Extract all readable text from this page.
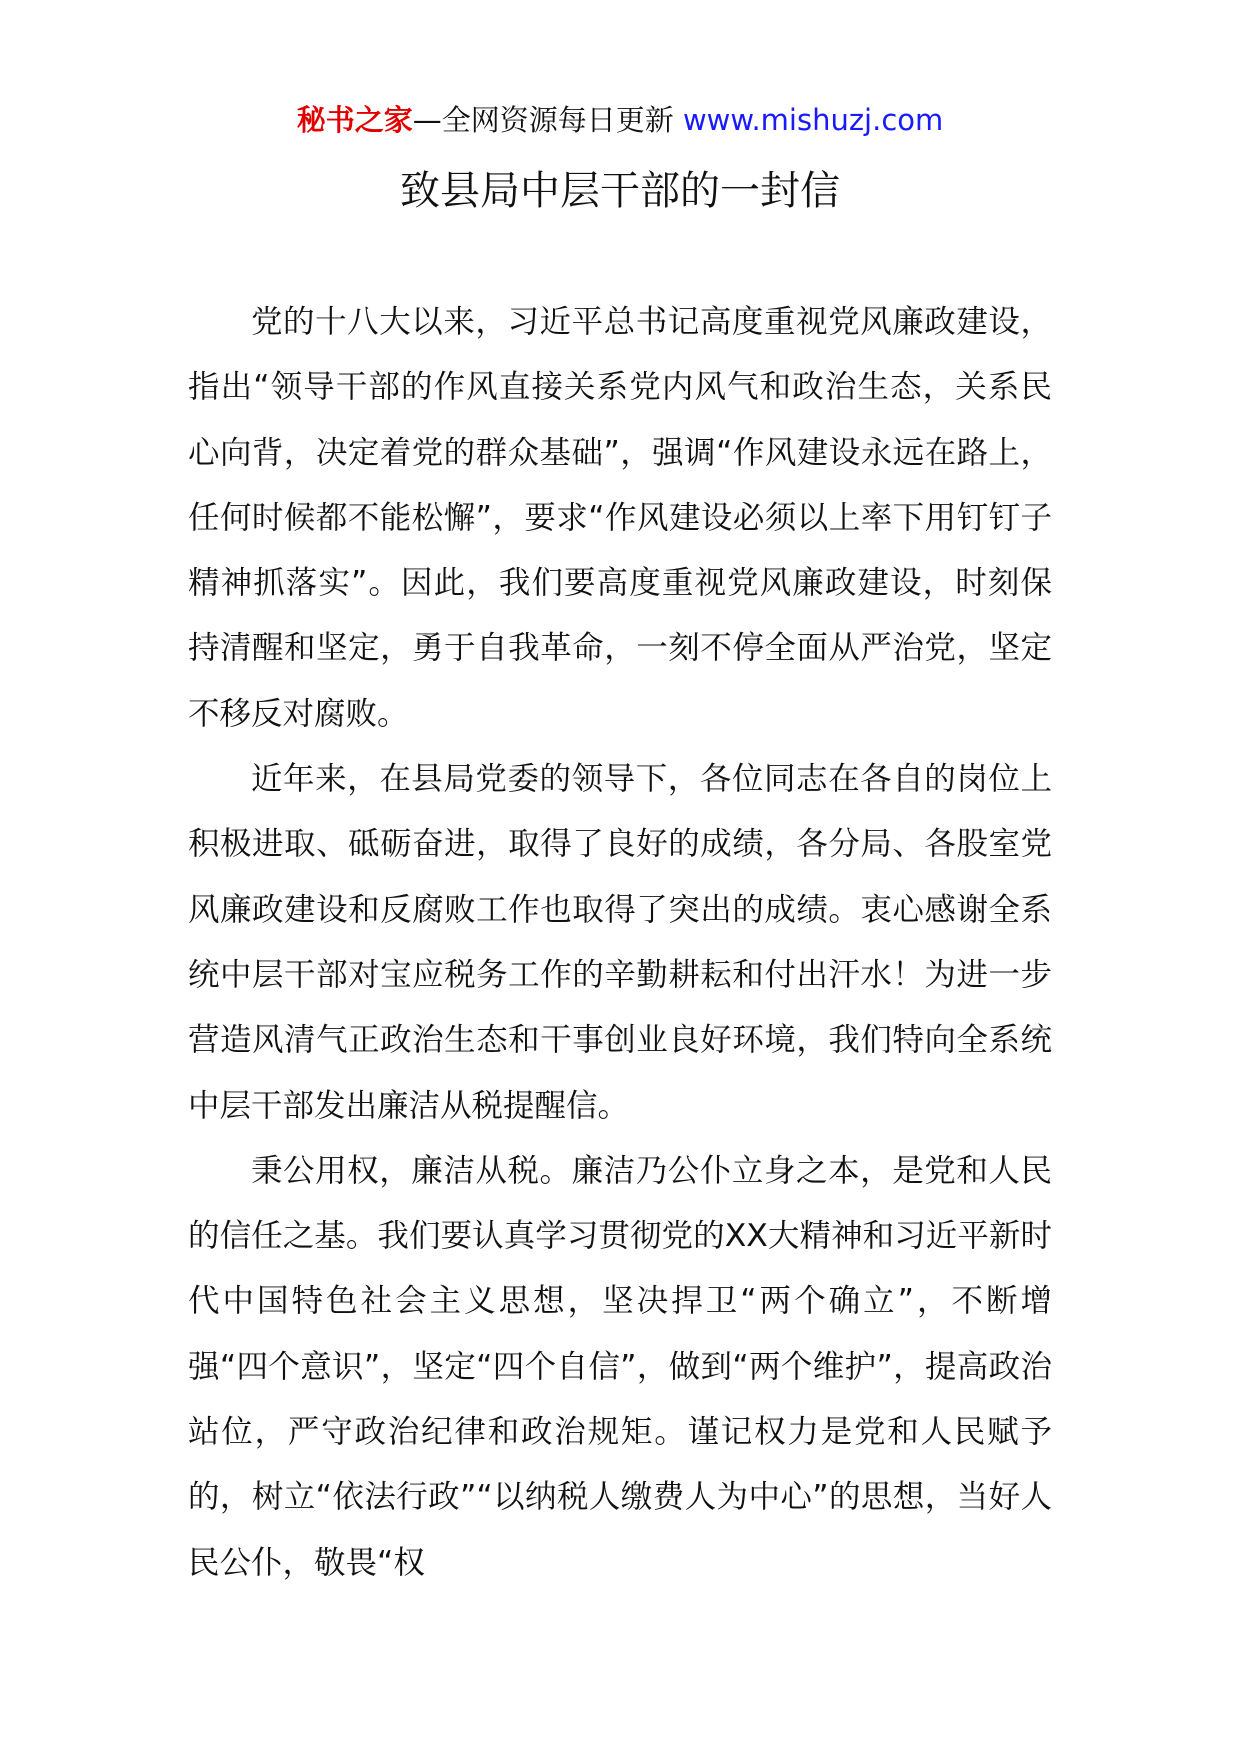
秘书之家—全网资源每日更新 www.mishuzj.com
致县局中层干部的一封信

党的十八大以来，习近平总书记高度重视党风廉政建设，指出“领导干部的作风直接关系党内风气和政治生态，关系民心向背，决定着党的群众基础”，强调“作风建设永远在路上，任何时候都不能松懈”，要求“作风建设必须以上率下用钉钉子精神抓落实”。因此，我们要高度重视党风廉政建设，时刻保持清醒和坚定，勇于自我革命，一刻不停全面从严治党，坚定不移反对腐败。

近年来，在县局党委的领导下，各位同志在各自的岗位上积极进取、砥砺奋进，取得了良好的成绩，各分局、各股室党风廉政建设和反腐败工作也取得了突出的成绩。衷心感谢全系统中层干部对宝应税务工作的辛勤耕耘和付出汗水！为进一步营造风清气正政治生态和干事创业良好环境，我们特向全系统中层干部发出廉洁从税提醒信。

秉公用权，廉洁从税。廉洁乃公仆立身之本，是党和人民的信任之基。我们要认真学习贯彻党的XX大精神和习近平新时代中国特色社会主义思想，坚决捍卫“两个确立”，不断增强“四个意识”，坚定“四个自信”，做到“两个维护”，提高政治站位，严守政治纪律和政治规矩。谨记权力是党和人民赋予的，树立“依法行政”“以纳税人缴费人为中心”的思想，当好人民公仆，敬畏“权
